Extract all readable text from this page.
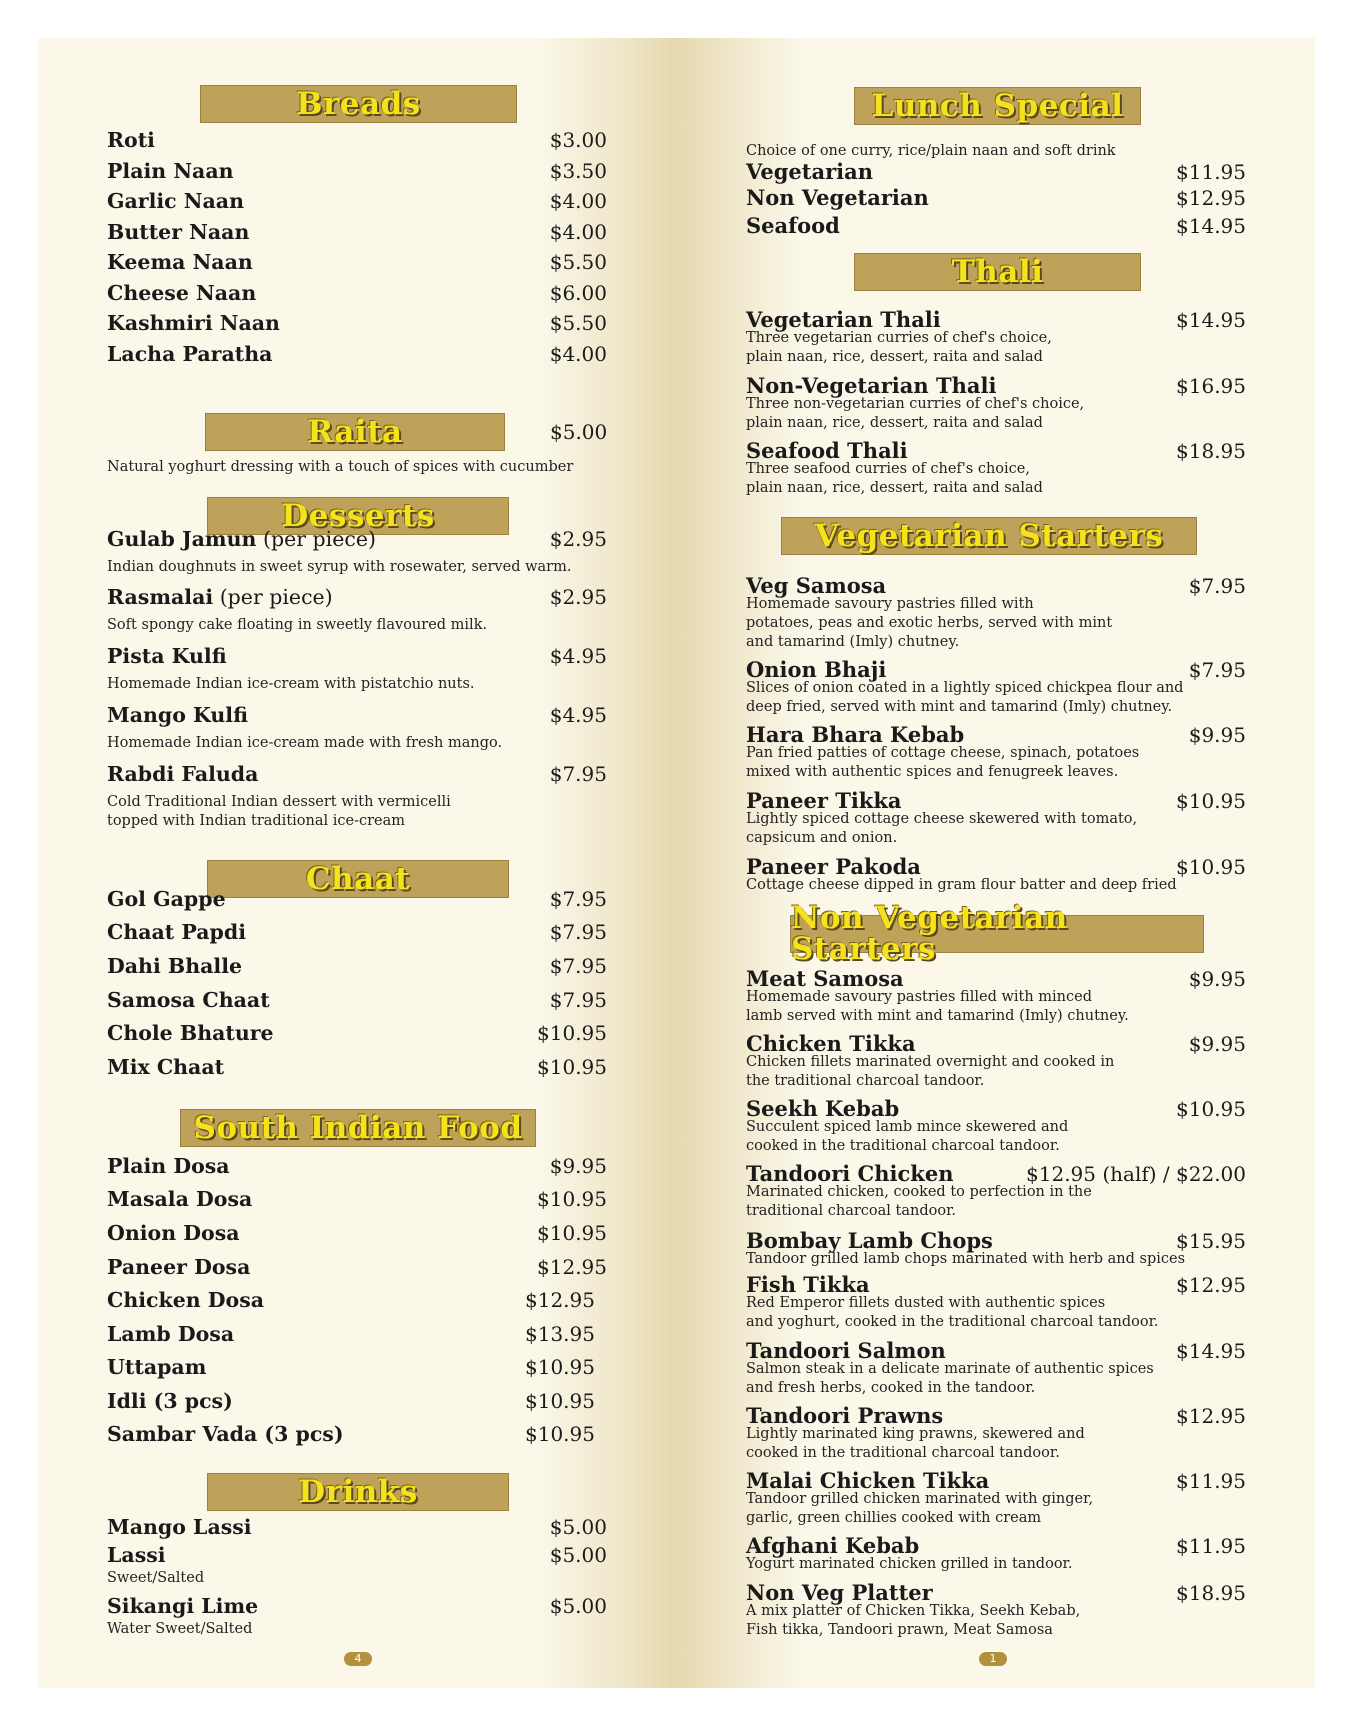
Breads
Roti	$3.00
Plain Naan	$3.50
Garlic Naan	$4.00
Butter Naan	$4.00
Keema Naan	$5.50
Cheese Naan	$6.00
Kashmiri Naan	$5.50
Lacha Paratha	$4.00
Raita	$5.00
Natural yoghurt dressing with a touch of spices with cucumber
Desserts
Gulab Jamun (per piece)	$2.95
Indian doughnuts in sweet syrup with rosewater, served warm.
Rasmalai (per piece)	$2.95
Soft spongy cake floating in sweetly flavoured milk.
Pista Kulfi	$4.95
Homemade Indian ice-cream with pistatchio nuts.
Mango Kulfi	$4.95
Homemade Indian ice-cream made with fresh mango.
Rabdi Faluda	$7.95
Cold Traditional Indian dessert with vermicelli
topped with Indian traditional ice-cream
Chaat
Gol Gappe	$7.95
Chaat Papdi	$7.95
Dahi Bhalle	$7.95
Samosa Chaat	$7.95
Chole Bhature	$10.95
Mix Chaat	$10.95
South Indian Food
Plain Dosa	$9.95
Masala Dosa	$10.95
Onion Dosa	$10.95
Paneer Dosa	$12.95
Chicken Dosa	$12.95
Lamb Dosa	$13.95
Uttapam	$10.95
Idli (3 pcs)	$10.95
Sambar Vada (3 pcs)	$10.95
Drinks
Mango Lassi	$5.00
Lassi	$5.00
Sweet/Salted
Sikangi Lime	$5.00
Water Sweet/Salted
4
Lunch Special
Choice of one curry, rice/plain naan and soft drink
Vegetarian	$11.95
Non Vegetarian	$12.95
Seafood	$14.95
Thali
Vegetarian Thali	$14.95
Three vegetarian curries of chef's choice,
plain naan, rice, dessert, raita and salad
Non-Vegetarian Thali	$16.95
Three non-vegetarian curries of chef's choice,
plain naan, rice, dessert, raita and salad
Seafood Thali	$18.95
Three seafood curries of chef's choice,
plain naan, rice, dessert, raita and salad
Vegetarian Starters
Veg Samosa	$7.95
Homemade savoury pastries filled with
potatoes, peas and exotic herbs, served with mint
and tamarind (Imly) chutney.
Onion Bhaji	$7.95
Slices of onion coated in a lightly spiced chickpea flour and
deep fried, served with mint and tamarind (Imly) chutney.
Hara Bhara Kebab	$9.95
Pan fried patties of cottage cheese, spinach, potatoes
mixed with authentic spices and fenugreek leaves.
Paneer Tikka	$10.95
Lightly spiced cottage cheese skewered with tomato,
capsicum and onion.
Paneer Pakoda	$10.95
Cottage cheese dipped in gram flour batter and deep fried
Non Vegetarian Starters
Meat Samosa	$9.95
Homemade savoury pastries filled with minced
lamb served with mint and tamarind (Imly) chutney.
Chicken Tikka	$9.95
Chicken fillets marinated overnight and cooked in
the traditional charcoal tandoor.
Seekh Kebab	$10.95
Succulent spiced lamb mince skewered and
cooked in the traditional charcoal tandoor.
Tandoori Chicken	$12.95 (half) / $22.00
Marinated chicken, cooked to perfection in the
traditional charcoal tandoor.
Bombay Lamb Chops	$15.95
Tandoor grilled lamb chops marinated with herb and spices
Fish Tikka	$12.95
Red Emperor fillets dusted with authentic spices
and yoghurt, cooked in the traditional charcoal tandoor.
Tandoori Salmon	$14.95
Salmon steak in a delicate marinate of authentic spices
and fresh herbs, cooked in the tandoor.
Tandoori Prawns	$12.95
Lightly marinated king prawns, skewered and
cooked in the traditional charcoal tandoor.
Malai Chicken Tikka	$11.95
Tandoor grilled chicken marinated with ginger,
garlic, green chillies cooked with cream
Afghani Kebab	$11.95
Yogurt marinated chicken grilled in tandoor.
Non Veg Platter	$18.95
A mix platter of Chicken Tikka, Seekh Kebab,
Fish tikka, Tandoori prawn, Meat Samosa
1
